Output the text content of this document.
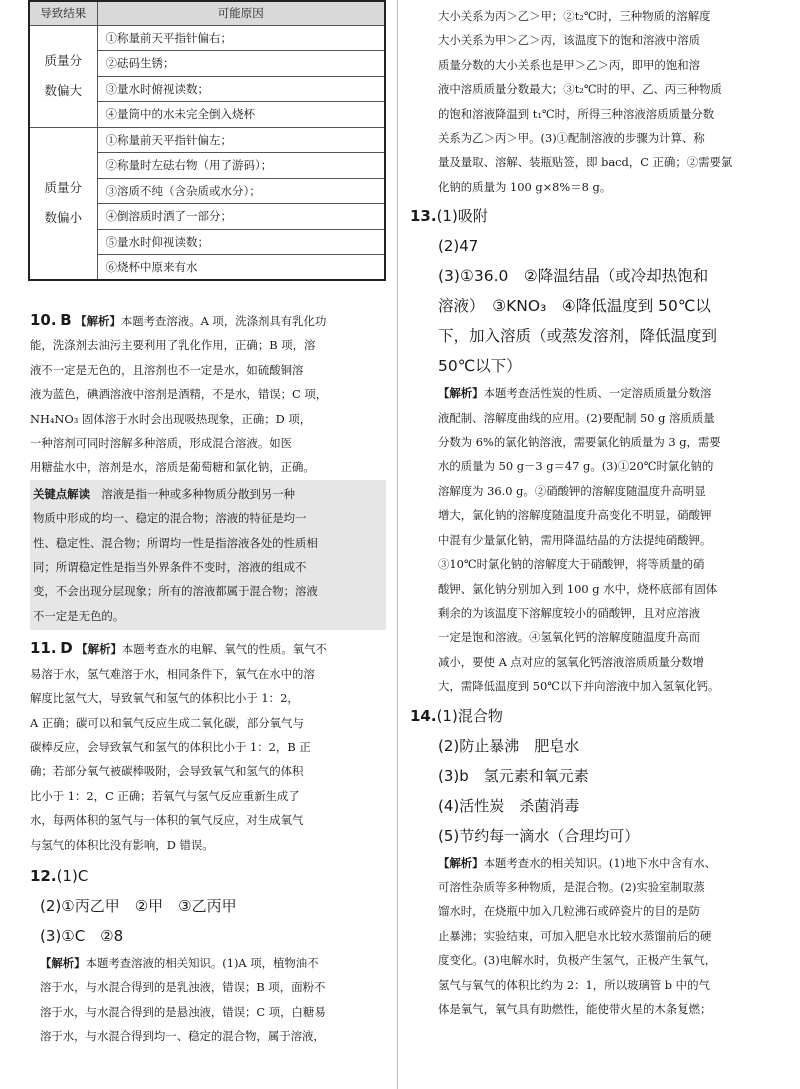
导致结果	可能原因

质量分
数偏大	①称量前天平指针偏右；
	②砝码生锈；
	③量水时俯视读数；
	④量筒中的水未完全倒入烧杯

质量分
数偏小	①称量前天平指针偏左；
	②称量时左砝右物（用了游码）；
	③溶质不纯（含杂质或水分）；
	④倒溶质时洒了一部分；
	⑤量水时仰视读数；
	⑥烧杯中原来有水
10. B 【解析】本题考查溶液。A 项，洗涤剂具有乳化功
能，洗涤剂去油污主要利用了乳化作用，正确；B 项，溶
液不一定是无色的，且溶剂也不一定是水，如硫酸铜溶
液为蓝色，碘酒溶液中溶剂是酒精，不是水，错误；C 项，
NH₄NO₃ 固体溶于水时会出现吸热现象，正确；D 项，
一种溶剂可同时溶解多种溶质，形成混合溶液。如医
用糖盐水中，溶剂是水，溶质是葡萄糖和氯化钠，正确。
关键点解读　 溶液是指一种或多种物质分散到另一种
物质中形成的均一、稳定的混合物；溶液的特征是均一
性、稳定性、混合物；所谓均一性是指溶液各处的性质相
同；所谓稳定性是指当外界条件不变时，溶液的组成不
变，不会出现分层现象；所有的溶液都属于混合物；溶液
不一定是无色的。
11. D 【解析】本题考查水的电解、氧气的性质。氧气不
易溶于水，氢气难溶于水，相同条件下，氧气在水中的溶
解度比氢气大，导致氧气和氢气的体积比小于 1：2，
A 正确；碳可以和氧气反应生成二氧化碳，部分氧气与
碳棒反应，会导致氧气和氢气的体积比小于 1：2，B 正
确；若部分氧气被碳棒吸附，会导致氧气和氢气的体积
比小于 1：2，C 正确；若氧气与氢气反应重新生成了
水，每两体积的氢气与一体积的氧气反应，对生成氧气
与氢气的体积比没有影响，D 错误。
12.(1)C
(2)①丙乙甲　②甲　③乙丙甲
(3)①C　②8
【解析】本题考查溶液的相关知识。(1)A 项，植物油不
溶于水，与水混合得到的是乳浊液，错误；B 项，面粉不
溶于水，与水混合得到的是悬浊液，错误；C 项，白糖易
溶于水，与水混合得到均一、稳定的混合物，属于溶液，
大小关系为丙＞乙＞甲；②t₂℃时，三种物质的溶解度
大小关系为甲＞乙＞丙，该温度下的饱和溶液中溶质
质量分数的大小关系也是甲＞乙＞丙，即甲的饱和溶
液中溶质质量分数最大；③t₂℃时的甲、乙、丙三种物质
的饱和溶液降温到 t₁℃时，所得三种溶液溶质质量分数
关系为乙＞丙＞甲。(3)①配制溶液的步骤为计算、称
量及量取、溶解、装瓶贴签，即 bacd，C 正确；②需要氯
化钠的质量为 100 g×8%＝8 g。
13.(1)吸附
(2)47
(3)①36.0　②降温结晶（或冷却热饱和
溶液）　③KNO₃　④降低温度到 50℃以
下，加入溶质（或蒸发溶剂，降低温度到
50℃以下）
【解析】本题考查活性炭的性质、一定溶质质量分数溶
液配制、溶解度曲线的应用。(2)要配制 50 g 溶质质量
分数为 6%的氯化钠溶液，需要氯化钠质量为 3 g，需要
水的质量为 50 g－3 g＝47 g。(3)①20℃时氯化钠的
溶解度为 36.0 g。②硝酸钾的溶解度随温度升高明显
增大，氯化钠的溶解度随温度升高变化不明显，硝酸钾
中混有少量氯化钠，需用降温结晶的方法提纯硝酸钾。
③10℃时氯化钠的溶解度大于硝酸钾，将等质量的硝
酸钾、氯化钠分别加入到 100 g 水中，烧杯底部有固体
剩余的为该温度下溶解度较小的硝酸钾，且对应溶液
一定是饱和溶液。④氢氧化钙的溶解度随温度升高而
减小，要使 A 点对应的氢氧化钙溶液溶质质量分数增
大，需降低温度到 50℃以下并向溶液中加入氢氧化钙。
14.(1)混合物
(2)防止暴沸　肥皂水
(3)b　氢元素和氧元素
(4)活性炭　杀菌消毒
(5)节约每一滴水（合理均可）
【解析】本题考查水的相关知识。(1)地下水中含有水、
可溶性杂质等多种物质，是混合物。(2)实验室制取蒸
馏水时，在烧瓶中加入几粒沸石或碎瓷片的目的是防
止暴沸；实验结束，可加入肥皂水比较水蒸馏前后的硬
度变化。(3)电解水时，负极产生氢气，正极产生氧气，
氢气与氧气的体积比约为 2：1，所以玻璃管 b 中的气
体是氧气，氧气具有助燃性，能使带火星的木条复燃；
